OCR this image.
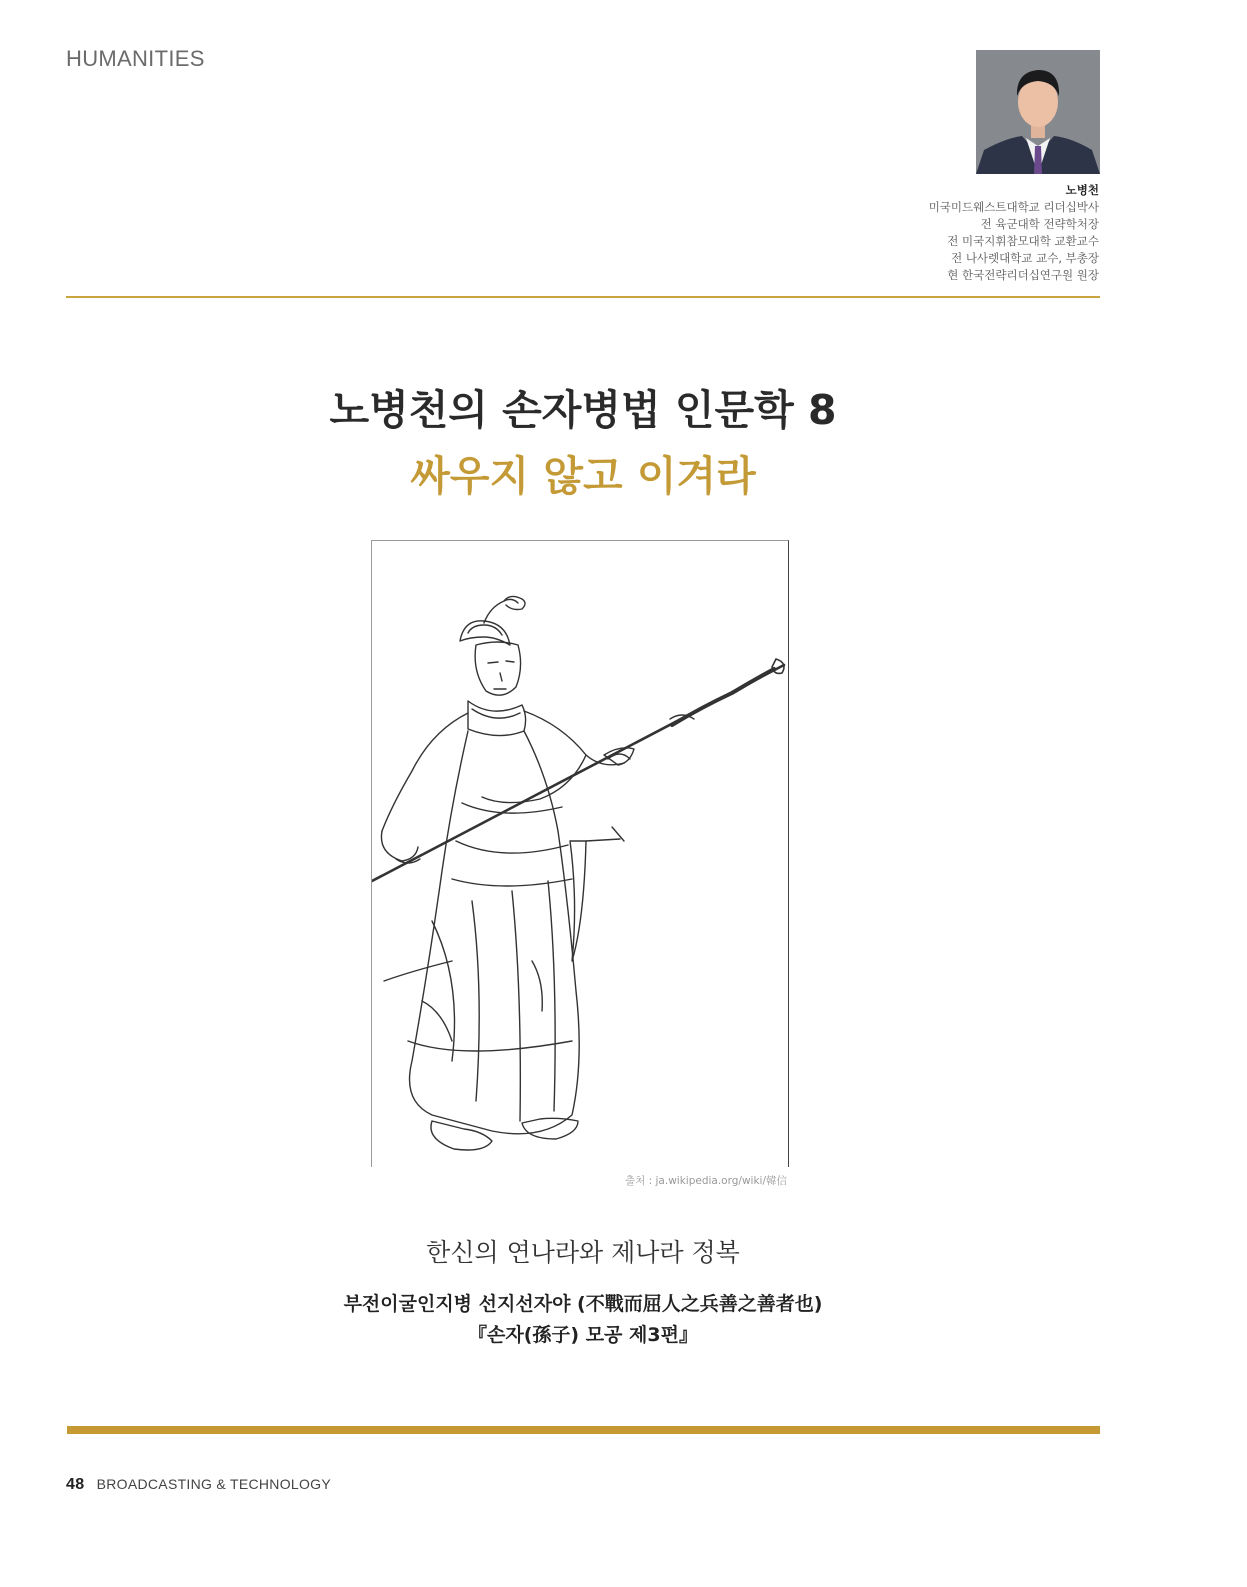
HUMANITIES
노병천
미국미드웨스트대학교 리더십박사
전 육군대학 전략학처장
전 미국지휘참모대학 교환교수
전 나사렛대학교 교수, 부총장
현 한국전략리더십연구원 원장
노병천의 손자병법 인문학 8
싸우지 않고 이겨라
출처 : ja.wikipedia.org/wiki/韓信
한신의 연나라와 제나라 정복
부전이굴인지병 선지선자야 (不戰而屈人之兵善之善者也)
『손자(孫子) 모공 제3편』
48 BROADCASTING & TECHNOLOGY
